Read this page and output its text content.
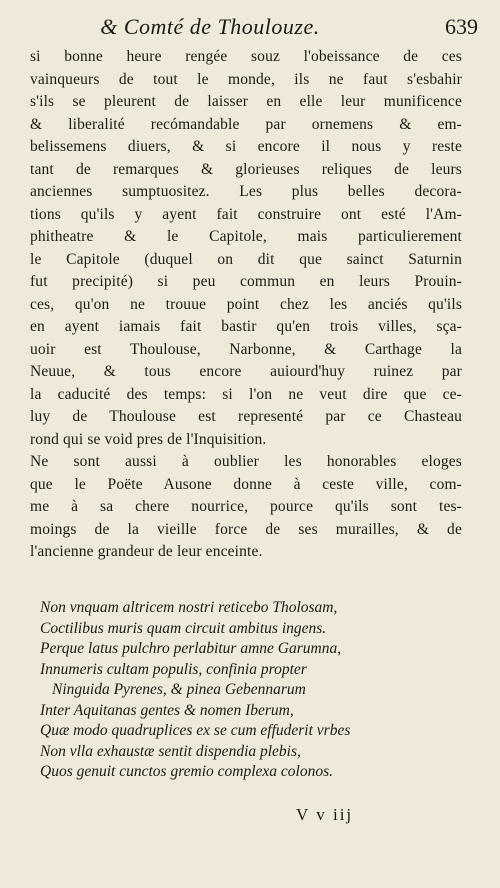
& Comté de Thoulouze.	639
si bonne heure rengée souz l'obeissance de ces
vainqueurs de tout le monde, ils ne faut s'esbahir
s'ils se pleurent de laisser en elle leur munificence
& liberalité recómandable par ornemens & em-
belissemens diuers, & si encore il nous y reste
tant de remarques & glorieuses reliques de leurs
anciennes sumptuositez. Les plus belles decora-
tions qu'ils y ayent fait construire ont esté l'Am-
phitheatre & le Capitole, mais particulierement
le Capitole (duquel on dit que sainct Saturnin
fut precipité) si peu commun en leurs Prouin-
ces, qu'on ne trouue point chez les anciés qu'ils
en ayent iamais fait bastir qu'en trois villes, sça-
uoir est Thoulouse, Narbonne, & Carthage la
Neuue, & tous encore auiourd'huy ruinez par
la caducité des temps: si l'on ne veut dire que ce-
luy de Thoulouse est representé par ce Chasteau
rond qui se void pres de l'Inquisition.
Ne sont aussi à oublier les honorables eloges
que le Poëte Ausone donne à ceste ville, com-
me à sa chere nourrice, pource qu'ils sont tes-
moings de la vieille force de ses murailles, & de
l'ancienne grandeur de leur enceinte.
Non vnquam altricem nostri reticebo Tholosam,
Coctilibus muris quam circuit ambitus ingens.
Perque latus pulchro perlabitur amne Garumna,
Innumeris cultam populis, confinia propter
Ninguida Pyrenes, & pinea Gebennarum
Inter Aquitanas gentes & nomen Iberum,
Quæ modo quadruplices ex se cum effuderit vrbes
Non vlla exhaustæ sentit dispendia plebis,
Quos genuit cunctos gremio complexa colonos.
V v iij
